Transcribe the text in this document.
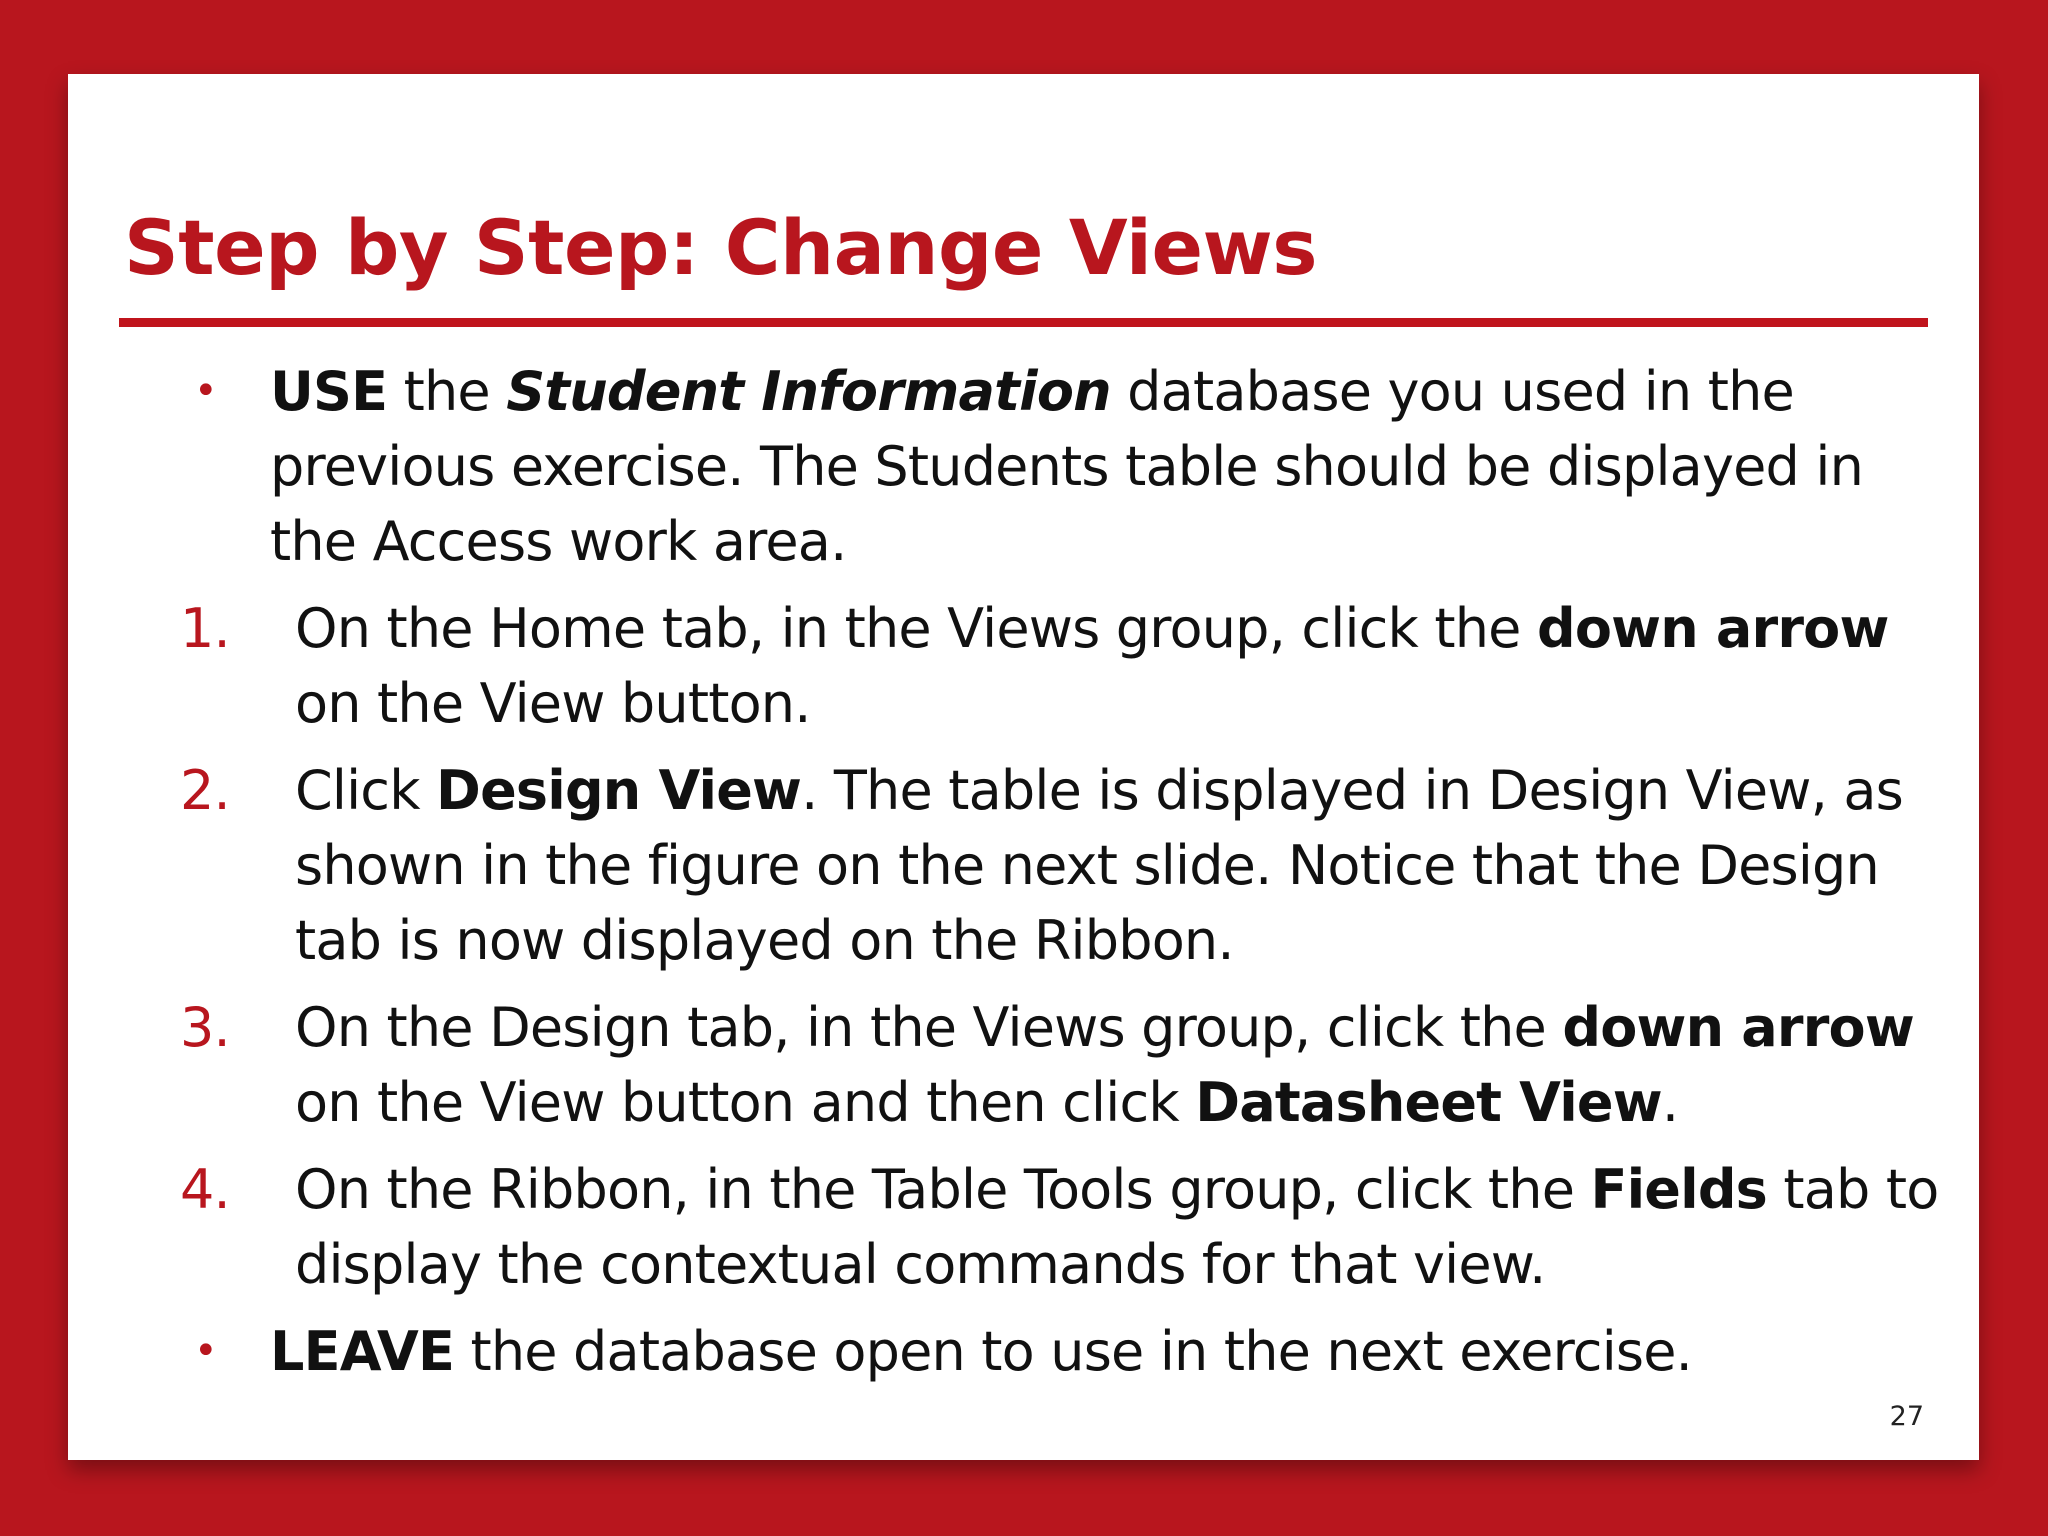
Step by Step: Change Views
• USE the Student Information database you used in the previous exercise. The Students table should be displayed in the Access work area.
1. On the Home tab, in the Views group, click the down arrow on the View button.
2. Click Design View. The table is displayed in Design View, as shown in the figure on the next slide. Notice that the Design tab is now displayed on the Ribbon.
3. On the Design tab, in the Views group, click the down arrow on the View button and then click Datasheet View.
4. On the Ribbon, in the Table Tools group, click the Fields tab to display the contextual commands for that view.
• LEAVE the database open to use in the next exercise.
27
